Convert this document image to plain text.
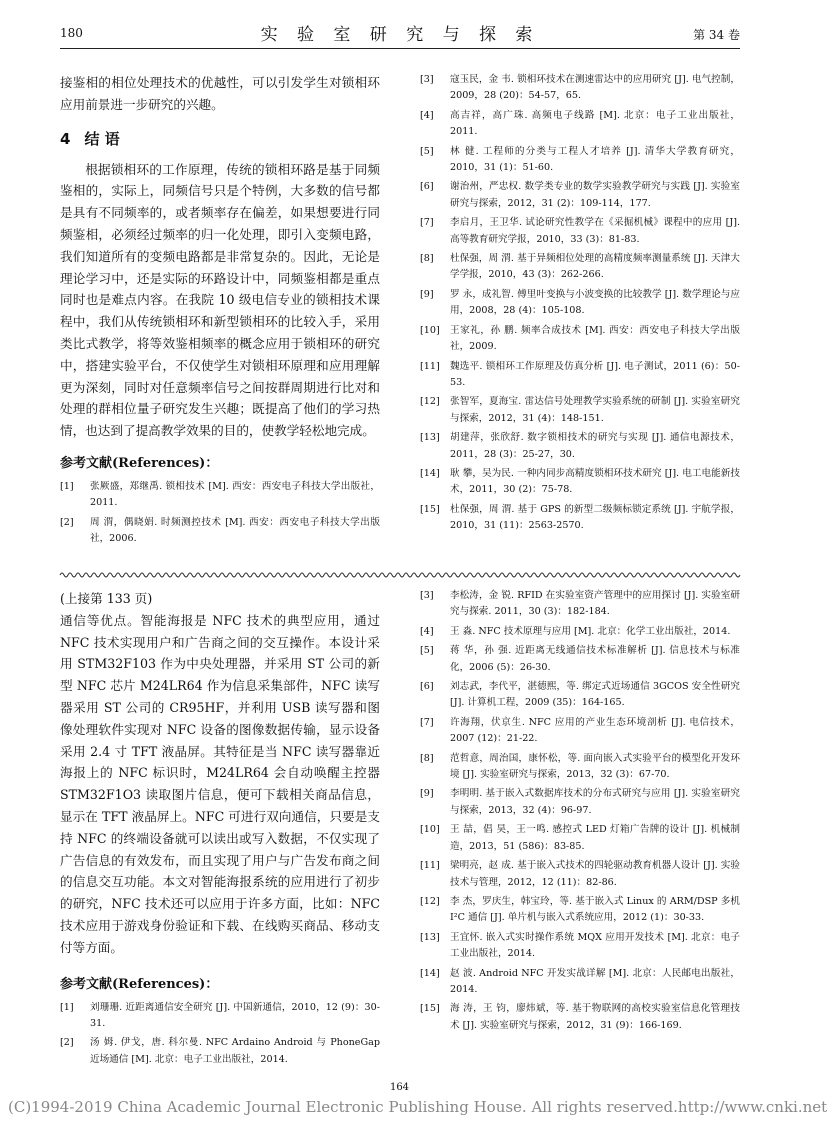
180	实 验 室 研 究 与 探 索	第 34 卷

接鉴相的相位处理技术的优越性，可以引发学生对锁相环应用前景进一步研究的兴趣。

4 结 语

根据锁相环的工作原理，传统的锁相环路是基于同频鉴相的，实际上，同频信号只是个特例，大多数的信号都是具有不同频率的，或者频率存在偏差，如果想要进行同频鉴相，必须经过频率的归一化处理，即引入变频电路，我们知道所有的变频电路都是非常复杂的。因此，无论是理论学习中，还是实际的环路设计中，同频鉴相都是重点同时也是难点内容。在我院 10 级电信专业的锁相技术课程中，我们从传统锁相环和新型锁相环的比较入手，采用类比式教学，将等效鉴相频率的概念应用于锁相环的研究中，搭建实验平台，不仅使学生对锁相环原理和应用理解更为深刻，同时对任意频率信号之间按群周期进行比对和处理的群相位量子研究发生兴趣；既提高了他们的学习热情，也达到了提高教学效果的目的，使教学轻松地完成。

参考文献(References)：

[1] 张厥盛，郑继禹. 锁相技术 [M]. 西安：西安电子科技大学出版社，2011.
[2] 周 渭，偶晓娟. 时频测控技术 [M]. 西安：西安电子科技大学出版社，2006.
[3] 寇玉民，金 韦. 锁相环技术在测速雷达中的应用研究 [J]. 电气控制，2009，28 (20)：54-57，65.
[4] 高吉祥，高广珠. 高频电子线路 [M]. 北京：电子工业出版社，2011.
[5] 林 健. 工程师的分类与工程人才培养 [J]. 清华大学教育研究，2010，31 (1)：51-60.
[6] 谢治州，严忠权. 数学类专业的数学实验教学研究与实践 [J]. 实验室研究与探索，2012，31 (2)：109-114，177.
[7] 李启月，王卫华. 试论研究性教学在《采掘机械》课程中的应用 [J]. 高等教育研究学报，2010，33 (3)：81-83.
[8] 杜保强，周 渭. 基于异频相位处理的高精度频率测量系统 [J]. 天津大学学报，2010，43 (3)：262-266.
[9] 罗 永，成礼智. 傅里叶变换与小波变换的比较教学 [J]. 数学理论与应用，2008，28 (4)：105-108.
[10] 王家礼，孙 鹏. 频率合成技术 [M]. 西安：西安电子科技大学出版社，2009.
[11] 魏选平. 锁相环工作原理及仿真分析 [J]. 电子测试，2011 (6)：50-53.
[12] 张智军，夏海宝. 雷达信号处理教学实验系统的研制 [J]. 实验室研究与探索，2012，31 (4)：148-151.
[13] 胡建萍，张欣舒. 数字锁相技术的研究与实现 [J]. 通信电源技术，2011，28 (3)：25-27，30.
[14] 耿 攀，吴为民. 一种内同步高精度锁相环技术研究 [J]. 电工电能新技术，2011，30 (2)：75-78.
[15] 杜保强，周 渭. 基于 GPS 的新型二级频标锁定系统 [J]. 宇航学报，2010，31 (11)：2563-2570.

(上接第 133 页)

通信等优点。智能海报是 NFC 技术的典型应用，通过 NFC 技术实现用户和广告商之间的交互操作。本设计采用 STM32F103 作为中央处理器，并采用 ST 公司的新型 NFC 芯片 M24LR64 作为信息采集部件，NFC 读写器采用 ST 公司的 CR95HF，并利用 USB 读写器和图像处理软件实现对 NFC 设备的图像数据传输，显示设备采用 2.4 寸 TFT 液晶屏。其特征是当 NFC 读写器靠近海报上的 NFC 标识时，M24LR64 会自动唤醒主控器 STM32F1O3 读取图片信息，便可下载相关商品信息，显示在 TFT 液晶屏上。NFC 可进行双向通信，只要是支持 NFC 的终端设备就可以读出或写入数据，不仅实现了广告信息的有效发布，而且实现了用户与广告发布商之间的信息交互功能。本文对智能海报系统的应用进行了初步的研究，NFC 技术还可以应用于许多方面，比如：NFC 技术应用于游戏身份验证和下载、在线购买商品、移动支付等方面。

参考文献(References)：

[1] 刘珊珊. 近距离通信安全研究 [J]. 中国新通信，2010，12 (9)：30-31.
[2] 汤 姆. 伊戈，唐. 科尔曼. NFC Ardaino Android 与 PhoneGap 近场通信 [M]. 北京：电子工业出版社，2014.
[3] 李松涛，金 锐. RFID 在实验室资产管理中的应用探讨 [J]. 实验室研究与探索. 2011，30 (3)：182-184.
[4] 王 淼. NFC 技术原理与应用 [M]. 北京：化学工业出版社，2014.
[5] 蒋 华，孙 强. 近距离无线通信技术标准解析 [J]. 信息技术与标准化，2006 (5)：26-30.
[6] 刘志武，李代平，湛德熙，等. 绑定式近场通信 3GCOS 安全性研究 [J]. 计算机工程，2009 (35)：164-165.
[7] 许海翔，伏京生. NFC 应用的产业生态环境剖析 [J]. 电信技术，2007 (12)：21-22.
[8] 范哲意，周治国，康怀松，等. 面向嵌入式实验平台的模型化开发环境 [J]. 实验室研究与探索，2013，32 (3)：67-70.
[9] 李明明. 基于嵌入式数据库技术的分布式研究与应用 [J]. 实验室研究与探索，2013，32 (4)：96-97.
[10] 王 喆，倡 昊，王一鸣. 感控式 LED 灯箱广告牌的设计 [J]. 机械制造，2013，51 (586)：83-85.
[11] 梁明亮，赵 成. 基于嵌入式技术的四轮驱动教育机器人设计 [J]. 实验技术与管理，2012，12 (11)：82-86.
[12] 李 杰，罗庆生，韩宝玲，等. 基于嵌入式 Linux 的 ARM/DSP 多机 I²C 通信 [J]. 单片机与嵌入式系统应用，2012 (1)：30-33.
[13] 王宜怀. 嵌入式实时操作系统 MQX 应用开发技术 [M]. 北京：电子工业出版社，2014.
[14] 赵 波. Android NFC 开发实战详解 [M]. 北京：人民邮电出版社，2014.
[15] 海 涛，王 钧，廖炜斌，等. 基于物联网的高校实验室信息化管理技术 [J]. 实验室研究与探索，2012，31 (9)：166-169.
164
(C)1994-2019 China Academic Journal Electronic Publishing House. All rights reserved. http://www.cnki.net
